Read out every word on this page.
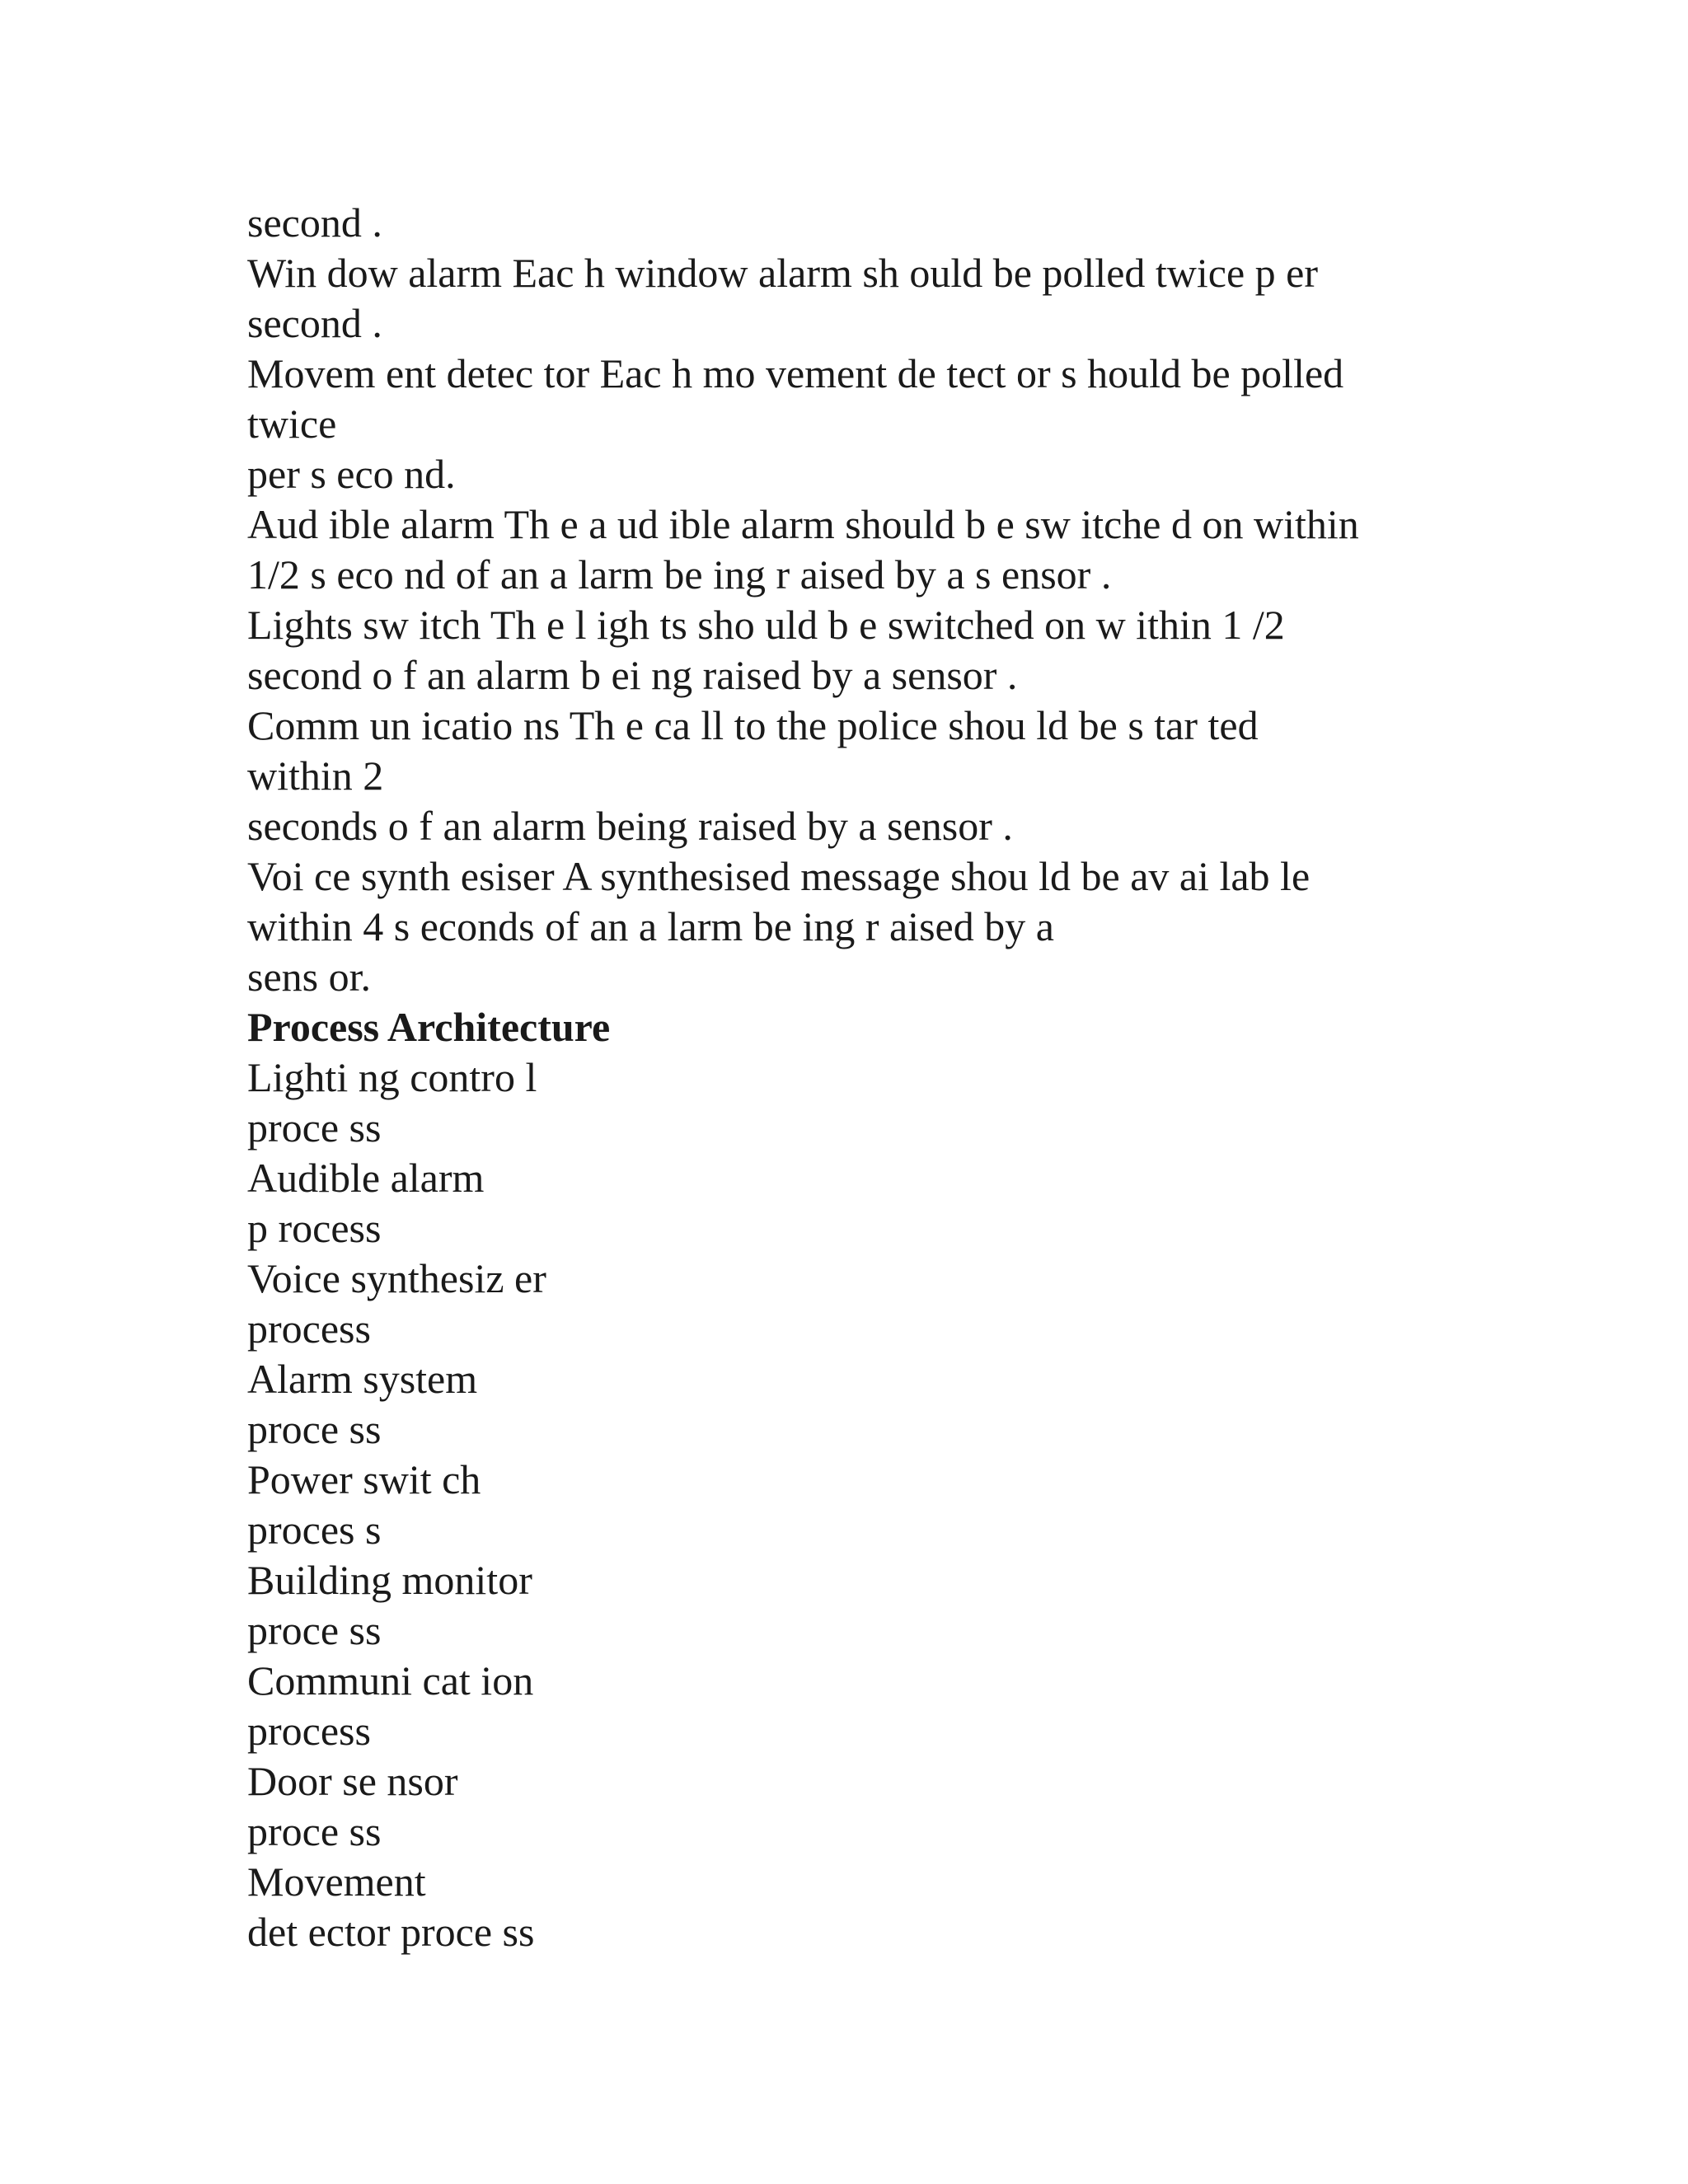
second .
Win dow alarm Eac h window alarm sh ould be polled twice p er
second .
Movem ent detec tor Eac h mo vement de tect or s hould be polled
twice
per s eco nd.
Aud ible alarm Th e a ud ible alarm should b e sw itche d on within
1/2 s eco nd of an a larm be ing r aised by a s ensor .
Lights sw itch Th e l igh ts sho uld b e switched on w ithin 1 /2
second o f an alarm b ei ng raised by a sensor .
Comm un icatio ns Th e ca ll to the police shou ld be s tar ted
within 2
seconds o f an alarm being raised by a sensor .
Voi ce synth esiser A synthesised message shou ld be av ai lab le
within 4 s econds of an a larm be ing r aised by a
sens or.
Process Architecture
Lighti ng contro l
proce ss
Audible alarm
p rocess
Voice synthesiz er
process
Alarm system
proce ss
Power swit ch
proces s
Building monitor
proce ss
Communi cat ion
process
Door se nsor
proce ss
Movement
det ector proce ss
